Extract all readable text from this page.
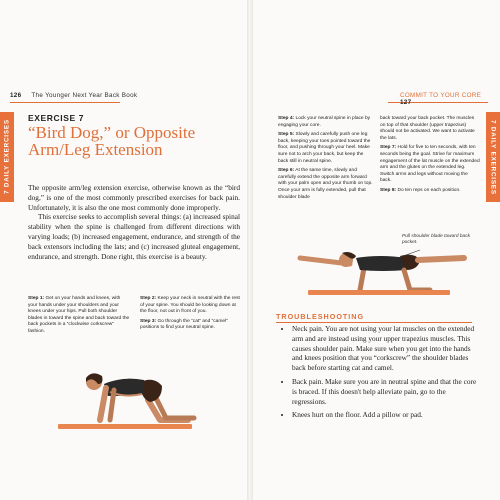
126 The Younger Next Year Back Book
7 DAILY EXERCISES
EXERCISE 7
“Bird Dog,” or Opposite Arm/Leg Extension

The opposite arm/leg extension exercise, otherwise known as the “bird dog,” is one of the most commonly prescribed exercises for back pain. Unfortunately, it is also the one most commonly done improperly.

This exercise seeks to accomplish several things: (a) increased spinal stability when the spine is challenged from different directions with varying loads; (b) increased engagement, endurance, and strength of the back extensors including the lats; and (c) increased gluteal engagement, endurance, and strength. Done right, this exercise is a beauty.

Step 1: Get on your hands and knees, with your hands under your shoulders and your knees under your hips. Pull both shoulder blades in toward the spine and back toward the back pockets in a “clockwise corkscrew” fashion.

Step 2: Keep your neck in neutral with the rest of your spine. You should be looking down at the floor, not out in front of you.

Step 3: Go through the “cat” and “camel” positions to find your neutral spine.

COMMIT TO YOUR CORE  127
7 DAILY EXERCISES

Step 4: Lock your neutral spine in place by engaging your core.

Step 5: Slowly and carefully push one leg back, keeping your toes pointed toward the floor, and pushing through your heel. Make sure not to arch your back, but keep the back still in neutral spine.

Step 6: At the same time, slowly and carefully extend the opposite arm forward with your palm open and your thumb on top. Once your arm is fully extended, pull that shoulder blade

back toward your back pocket. The muscles on top of that shoulder (upper trapezius) should not be activated. We want to activate the lats.

Step 7: Hold for five to ten seconds, with ten seconds being the goal. Strive for maximum engagement of the lat muscle on the extended arm and the glutes on the extended leg. Switch arms and legs without moving the back.

Step 8: Do ten reps on each position.

Pull shoulder blade toward back pocket.
TROUBLESHOOTING
• Neck pain. You are not using your lat muscles on the extended arm and are instead using your upper trapezius muscles. This causes shoulder pain. Make sure when you get into the hands and knees position that you “corkscrew” the shoulder blades back before starting cat and camel.
• Back pain. Make sure you are in neutral spine and that the core is braced. If this doesn't help alleviate pain, go to the regressions.
• Knees hurt on the floor. Add a pillow or pad.
